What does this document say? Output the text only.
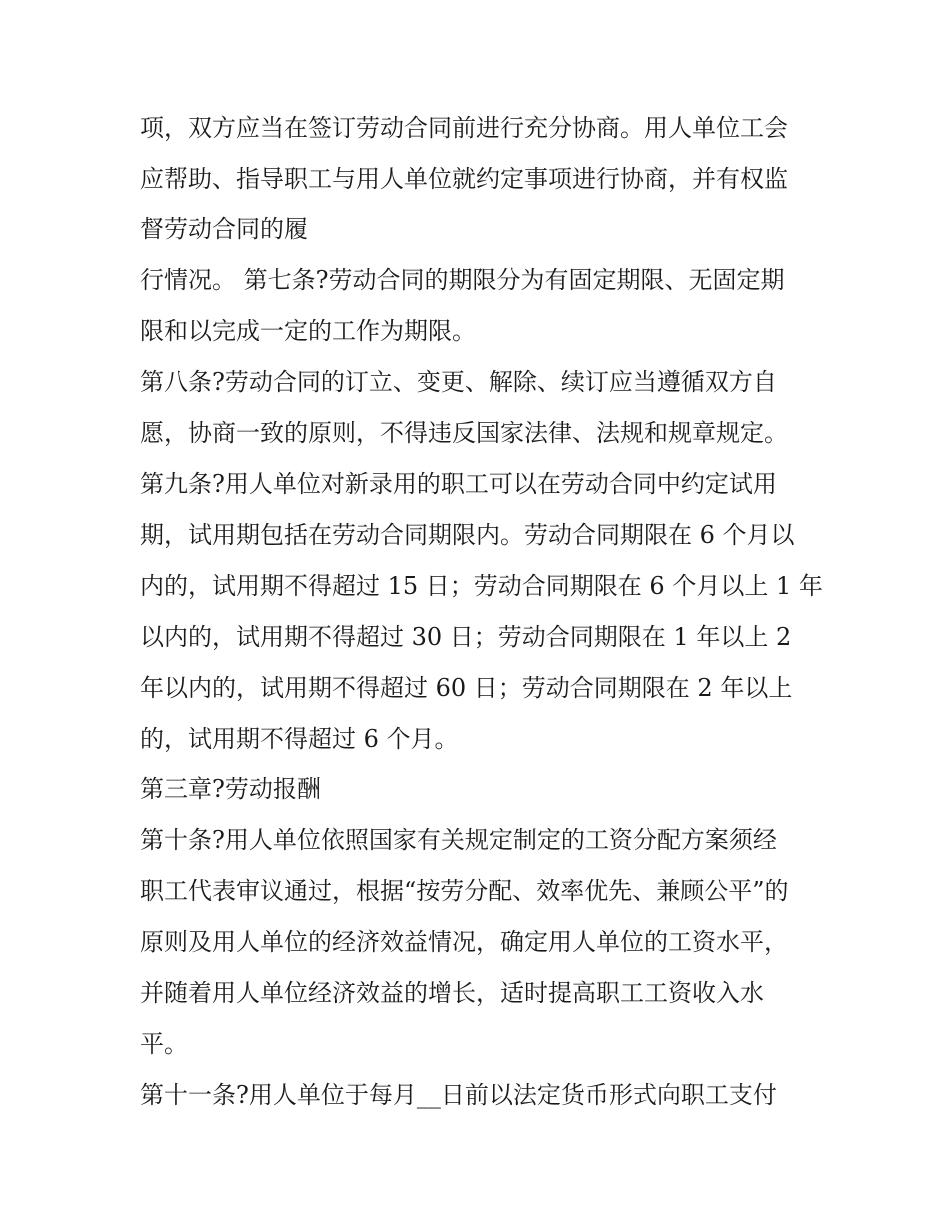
项，双方应当在签订劳动合同前进行充分协商。用人单位工会

应帮助、指导职工与用人单位就约定事项进行协商，并有权监

督劳动合同的履

行情况。 第七条?劳动合同的期限分为有固定期限、无固定期

限和以完成一定的工作为期限。

第八条?劳动合同的订立、变更、解除、续订应当遵循双方自

愿，协商一致的原则，不得违反国家法律、法规和规章规定。

第九条?用人单位对新录用的职工可以在劳动合同中约定试用

期，试用期包括在劳动合同期限内。劳动合同期限在 6 个月以

内的，试用期不得超过 15 日；劳动合同期限在 6 个月以上 1 年

以内的，试用期不得超过 30 日；劳动合同期限在 1 年以上 2

年以内的，试用期不得超过 60 日；劳动合同期限在 2 年以上

的，试用期不得超过 6 个月。

第三章?劳动报酬

第十条?用人单位依照国家有关规定制定的工资分配方案须经

职工代表审议通过，根据“按劳分配、效率优先、兼顾公平”的

原则及用人单位的经济效益情况，确定用人单位的工资水平，

并随着用人单位经济效益的增长，适时提高职工工资收入水

平。

第十一条?用人单位于每月__日前以法定货币形式向职工支付
